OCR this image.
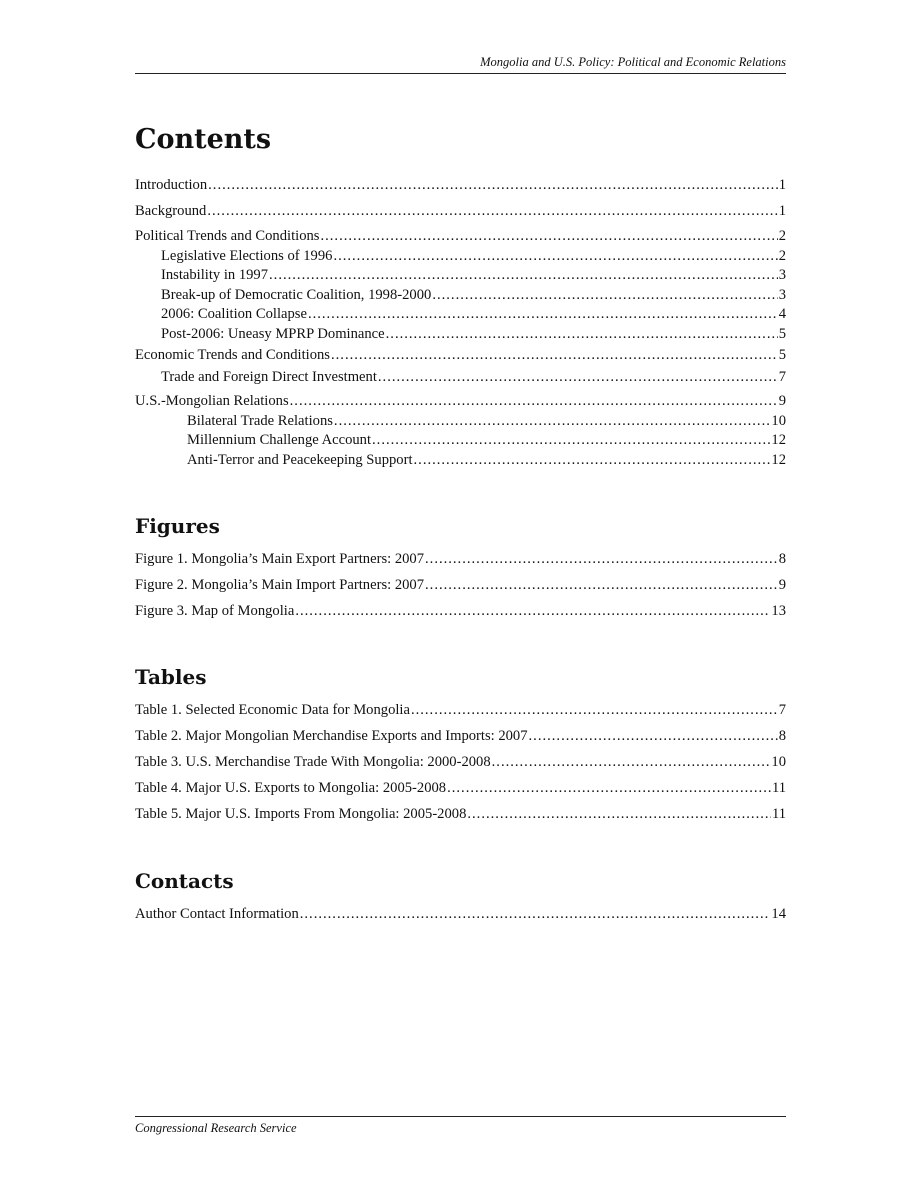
Mongolia and U.S. Policy: Political and Economic Relations
Contents
Introduction .....	1
Background .....	1
Political Trends and Conditions .....	2
Legislative Elections of 1996 .....	2
Instability in 1997 .....	3
Break-up of Democratic Coalition, 1998-2000 .....	3
2006: Coalition Collapse .....	4
Post-2006: Uneasy MPRP Dominance .....	5
Economic Trends and Conditions .....	5
Trade and Foreign Direct Investment .....	7
U.S.-Mongolian Relations .....	9
Bilateral Trade Relations .....	10
Millennium Challenge Account .....	12
Anti-Terror and Peacekeeping Support .....	12
Figures
Figure 1. Mongolia’s Main Export Partners: 2007 .....	8
Figure 2. Mongolia’s Main Import Partners: 2007 .....	9
Figure 3. Map of Mongolia .....	13
Tables
Table 1. Selected Economic Data for Mongolia .....	7
Table 2. Major Mongolian Merchandise Exports and Imports: 2007 .....	8
Table 3. U.S. Merchandise Trade With Mongolia: 2000-2008 .....	10
Table 4. Major U.S. Exports to Mongolia: 2005-2008 .....	11
Table 5. Major U.S. Imports From Mongolia: 2005-2008 .....	11
Contacts
Author Contact Information .....	14
Congressional Research Service
